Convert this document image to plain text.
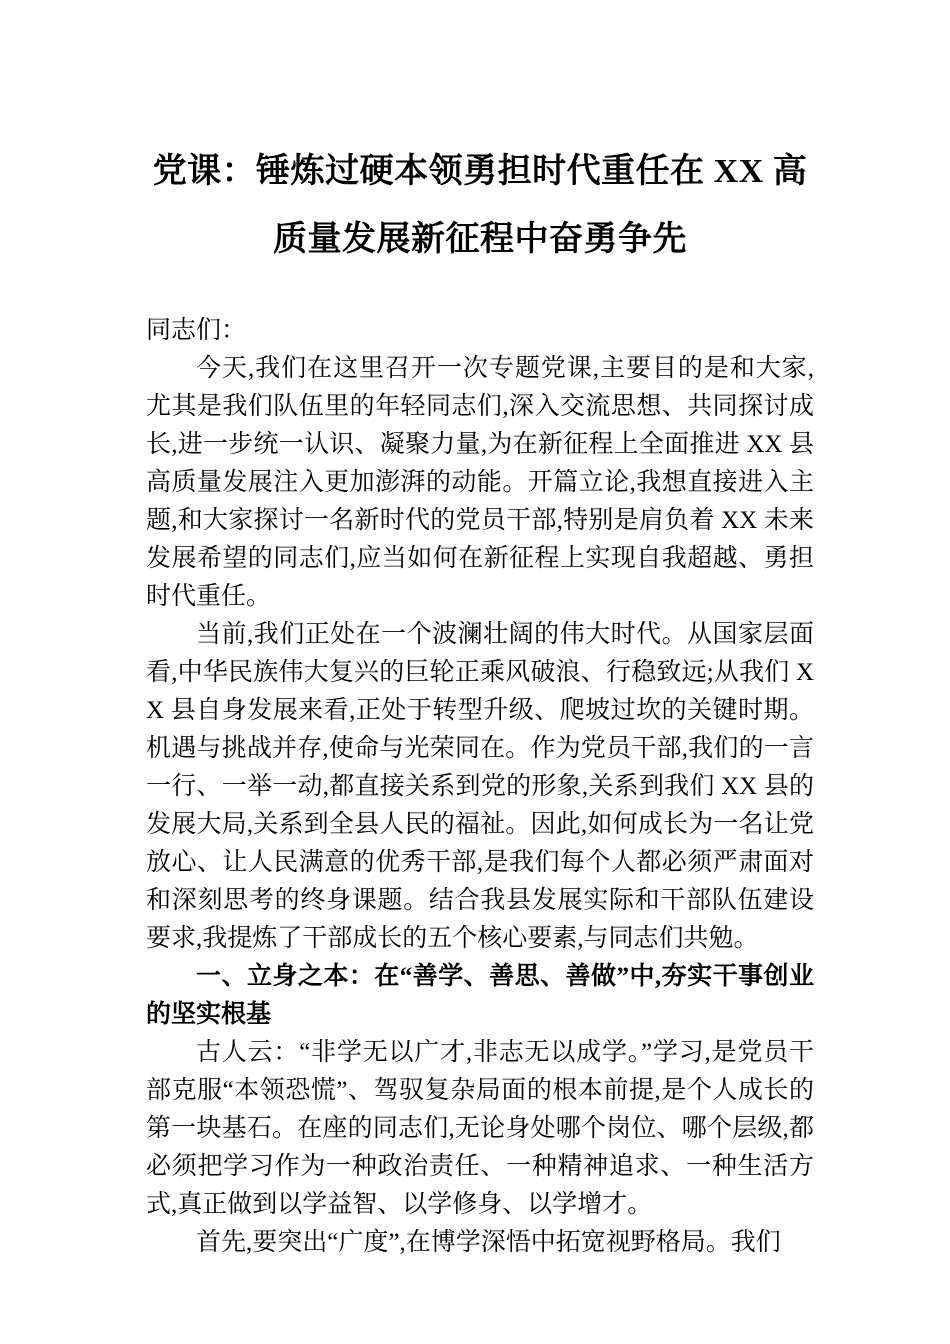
党课：锤炼过硬本领勇担时代重任在 XX 高质量发展新征程中奋勇争先

同志们：

今天,我们在这里召开一次专题党课,主要目的是和大家,尤其是我们队伍里的年轻同志们,深入交流思想、共同探讨成长,进一步统一认识、凝聚力量,为在新征程上全面推进 XX 县高质量发展注入更加澎湃的动能。开篇立论,我想直接进入主题,和大家探讨一名新时代的党员干部,特别是肩负着 XX 未来发展希望的同志们,应当如何在新征程上实现自我超越、勇担时代重任。

当前,我们正处在一个波澜壮阔的伟大时代。从国家层面看,中华民族伟大复兴的巨轮正乘风破浪、行稳致远;从我们 XX 县自身发展来看,正处于转型升级、爬坡过坎的关键时期。机遇与挑战并存,使命与光荣同在。作为党员干部,我们的一言一行、一举一动,都直接关系到党的形象,关系到我们 XX 县的发展大局,关系到全县人民的福祉。因此,如何成长为一名让党放心、让人民满意的优秀干部,是我们每个人都必须严肃面对和深刻思考的终身课题。结合我县发展实际和干部队伍建设要求,我提炼了干部成长的五个核心要素,与同志们共勉。

一、立身之本：在“善学、善思、善做”中,夯实干事创业的坚实根基

古人云：“非学无以广才,非志无以成学。”学习,是党员干部克服“本领恐慌”、驾驭复杂局面的根本前提,是个人成长的第一块基石。在座的同志们,无论身处哪个岗位、哪个层级,都必须把学习作为一种政治责任、一种精神追求、一种生活方式,真正做到以学益智、以学修身、以学增才。

首先,要突出“广度”,在博学深悟中拓宽视野格局。我们
